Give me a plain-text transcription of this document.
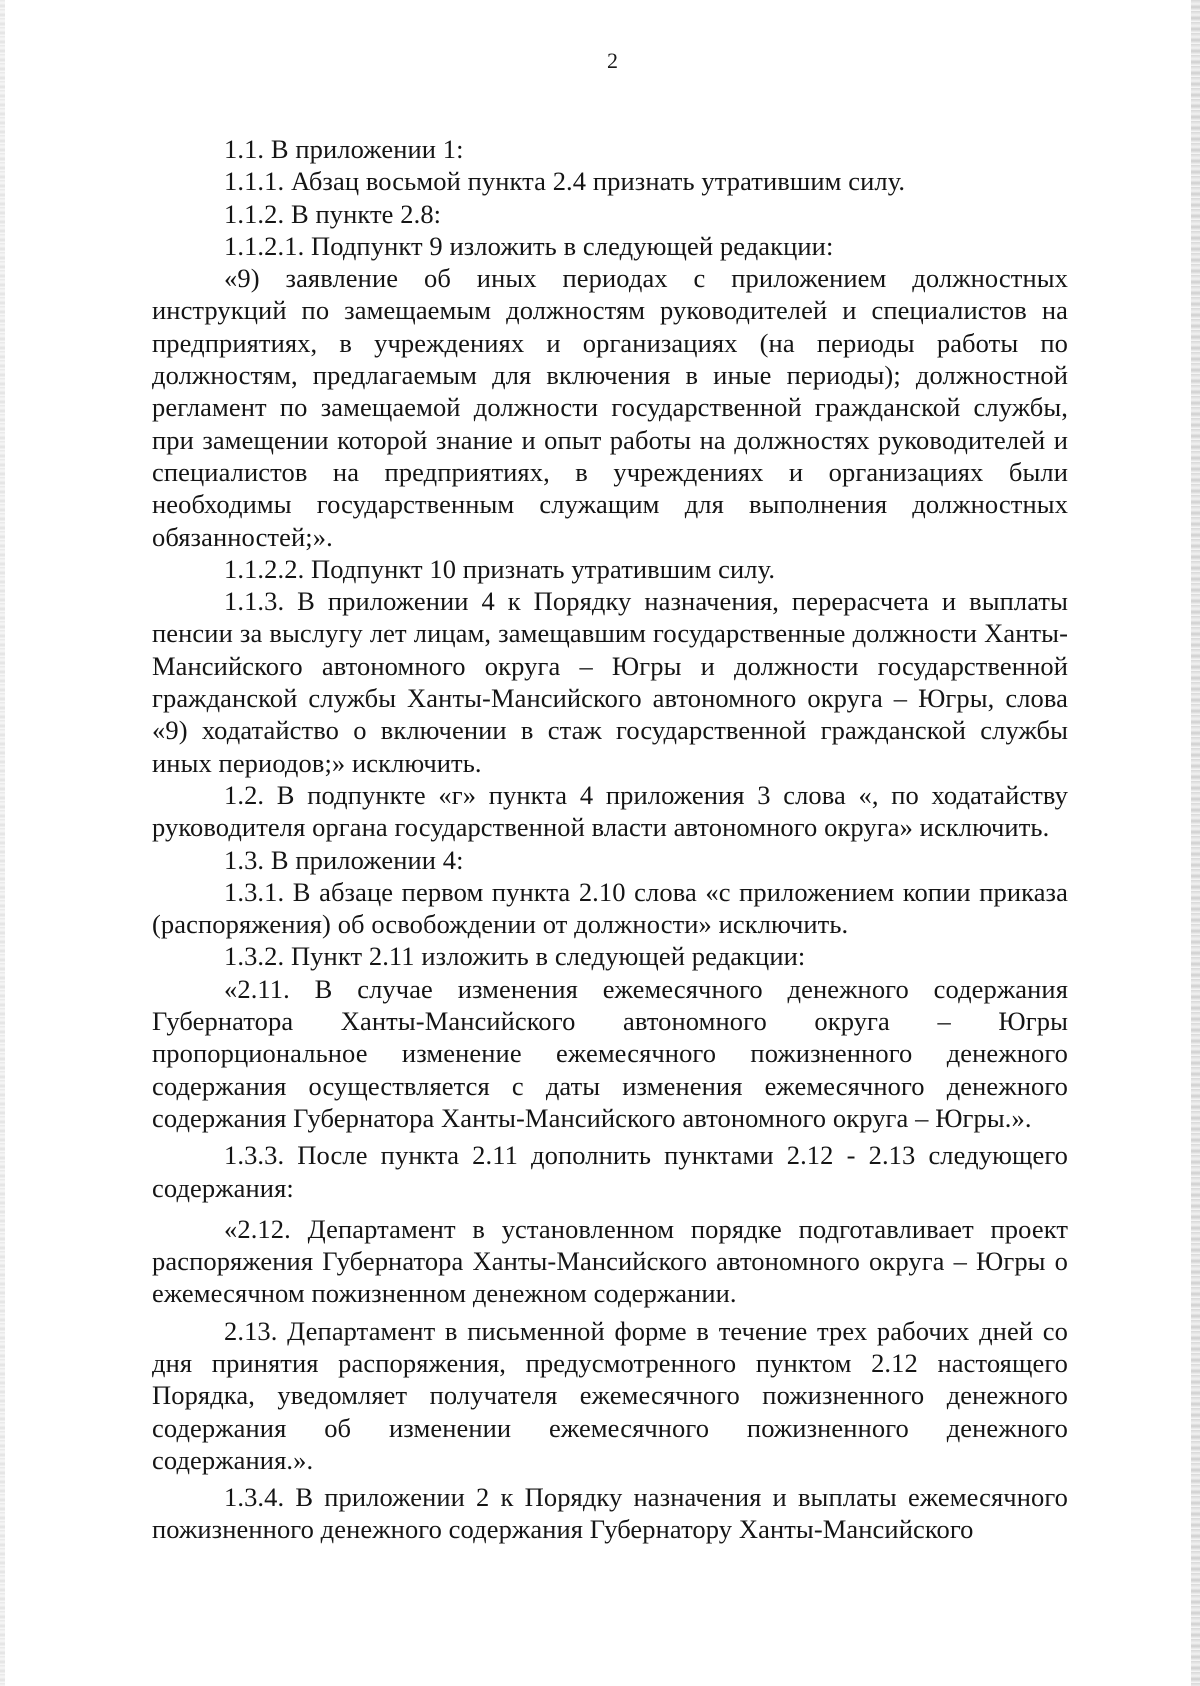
2

1.1. В приложении 1:

1.1.1. Абзац восьмой пункта 2.4 признать утратившим силу.

1.1.2. В пункте 2.8:

1.1.2.1. Подпункт 9 изложить в следующей редакции:

«9) заявление об иных периодах с приложением должностных инструкций по замещаемым должностям руководителей и специалистов на предприятиях, в учреждениях и организациях (на периоды работы по должностям, предлагаемым для включения в иные периоды); должностной регламент по замещаемой должности государственной гражданской службы, при замещении которой знание и опыт работы на должностях руководителей и специалистов на предприятиях, в учреждениях и организациях были необходимы государственным служащим для выполнения должностных обязанностей;».

1.1.2.2. Подпункт 10 признать утратившим силу.

1.1.3. В приложении 4 к Порядку назначения, перерасчета и выплаты пенсии за выслугу лет лицам, замещавшим государственные должности Ханты-Мансийского автономного округа – Югры и должности государственной гражданской службы Ханты-Мансийского автономного округа – Югры, слова «9) ходатайство о включении в стаж государственной гражданской службы иных периодов;» исключить.

1.2. В подпункте «г» пункта 4 приложения 3 слова «, по ходатайству руководителя органа государственной власти автономного округа» исключить.

1.3. В приложении 4:

1.3.1. В абзаце первом пункта 2.10 слова «с приложением копии приказа (распоряжения) об освобождении от должности» исключить.

1.3.2. Пункт 2.11 изложить в следующей редакции:

«2.11. В случае изменения ежемесячного денежного содержания Губернатора Ханты-Мансийского автономного округа – Югры пропорциональное изменение ежемесячного пожизненного денежного содержания осуществляется с даты изменения ежемесячного денежного содержания Губернатора Ханты-Мансийского автономного округа – Югры.».

1.3.3. После пункта 2.11 дополнить пунктами 2.12 - 2.13 следующего содержания:

«2.12. Департамент в установленном порядке подготавливает проект распоряжения Губернатора Ханты-Мансийского автономного округа – Югры о ежемесячном пожизненном денежном содержании.

2.13. Департамент в письменной форме в течение трех рабочих дней со дня принятия распоряжения, предусмотренного пунктом 2.12 настоящего Порядка, уведомляет получателя ежемесячного пожизненного денежного содержания об изменении ежемесячного пожизненного денежного содержания.».

1.3.4. В приложении 2 к Порядку назначения и выплаты ежемесячного пожизненного денежного содержания Губернатору Ханты-Мансийского
